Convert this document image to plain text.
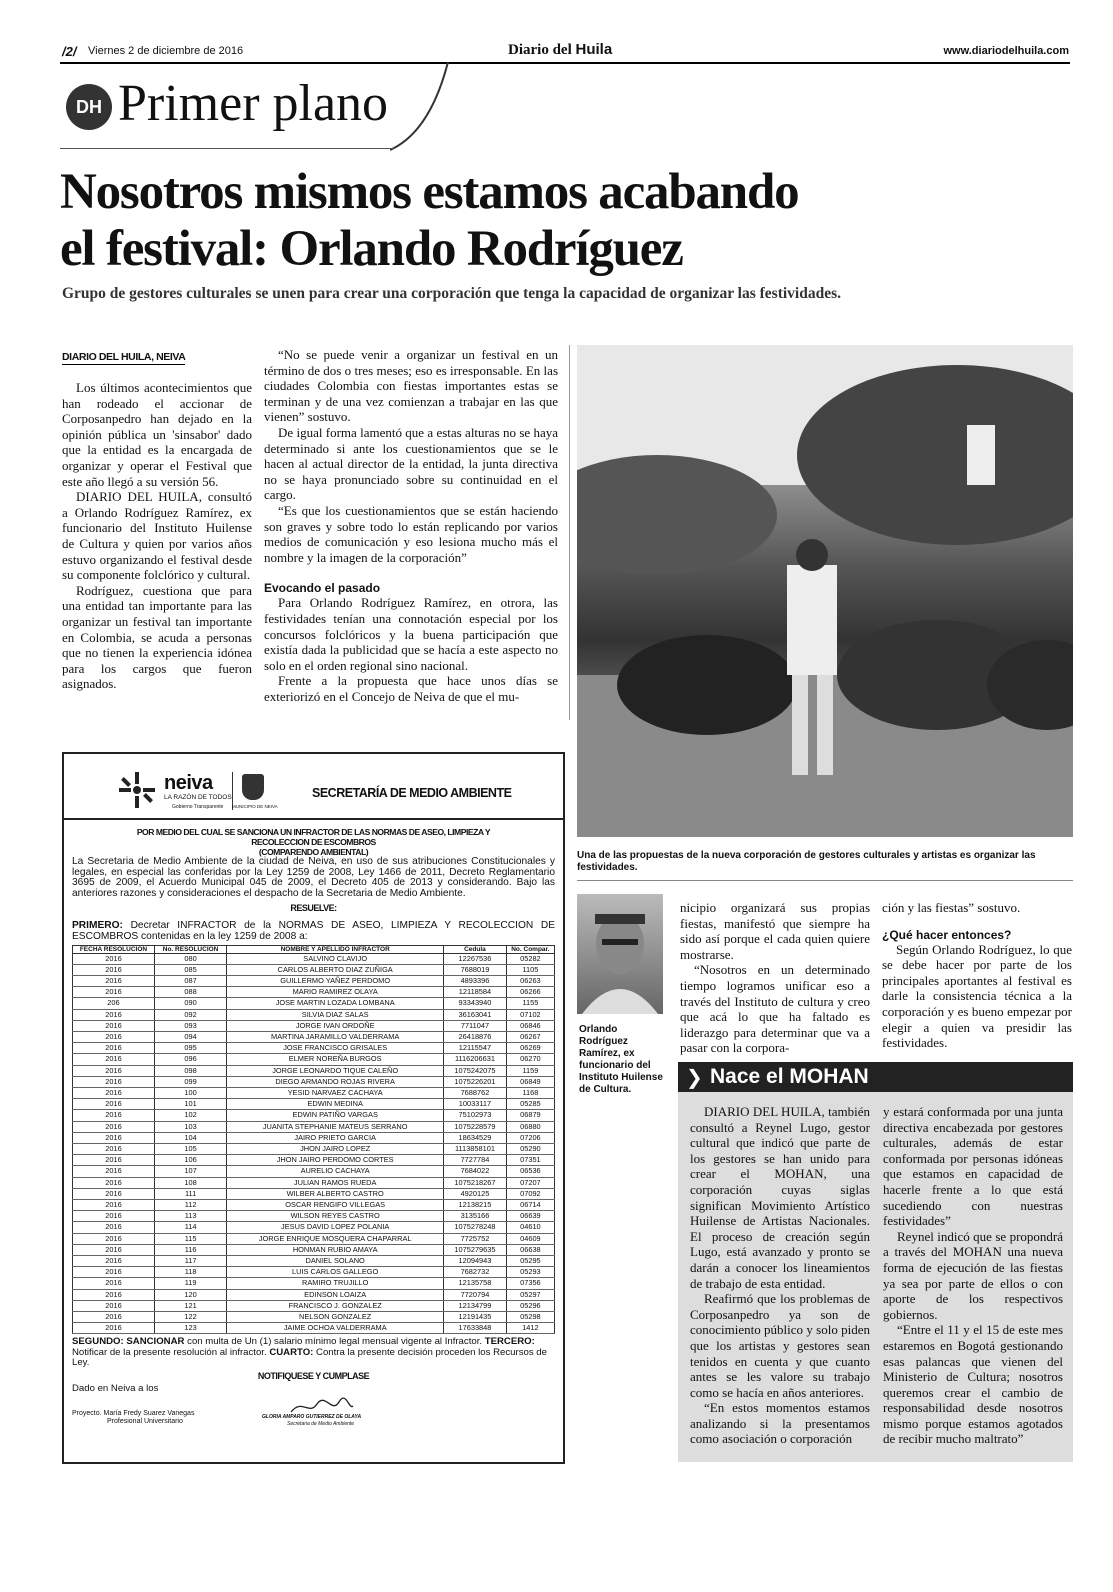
/2/ Viernes 2 de diciembre de 2016	Diario del Huila	www.diariodelhuila.com
DH Primer plano
Nosotros mismos estamos acabando
el festival: Orlando Rodríguez
Grupo de gestores culturales se unen para crear una corporación que tenga la capacidad de organizar las festividades.
DIARIO DEL HUILA, NEIVA

Los últimos acontecimientos que han rodeado el accionar de Corposanpedro han dejado en la opinión pública un 'sinsabor' dado que la entidad es la encargada de organizar y operar el Festival que este año llegó a su versión 56.

DIARIO DEL HUILA, consultó a Orlando Rodríguez Ramírez, ex funcionario del Instituto Huilense de Cultura y quien por varios años estuvo organizando el festival desde su componente folclórico y cultural.

Rodríguez, cuestiona que para una entidad tan importante para las organizar un festival tan importante en Colombia, se acuda a personas que no tienen la experiencia idónea para los cargos que fueron asignados.

“No se puede venir a organizar un festival en un término de dos o tres meses; eso es irresponsable. En las ciudades Colombia con fiestas importantes estas se terminan y de una vez comienzan a trabajar en las que vienen” sostuvo.

De igual forma lamentó que a estas alturas no se haya determinado si ante los cuestionamientos que se le hacen al actual director de la entidad, la junta directiva no se haya pronunciado sobre su continuidad en el cargo.

“Es que los cuestionamientos que se están haciendo son graves y sobre todo lo están replicando por varios medios de comunicación y eso lesiona mucho más el nombre y la imagen de la corporación”

Evocando el pasado

Para Orlando Rodríguez Ramírez, en otrora, las festividades tenían una connotación especial por los concursos folclóricos y la buena participación que existía dada la publicidad que se hacía a este aspecto no solo en el orden regional sino nacional.

Frente a la propuesta que hace unos días se exteriorizó en el Concejo de Neiva de que el mu-

Una de las propuestas de la nueva corporación de gestores culturales y artistas es organizar las festividades.
Orlando Rodríguez Ramírez, ex funcionario del Instituto Huilense de Cultura.

nicipio organizará sus propias fiestas, manifestó que siempre ha sido así porque el cada quien quiere mostrarse.

“Nosotros en un determinado tiempo logramos unificar eso a través del Instituto de cultura y creo que acá lo que ha faltado es liderazgo para determinar que va a pasar con la corpora-

ción y las fiestas” sostuvo.

¿Qué hacer entonces?

Según Orlando Rodríguez, lo que se debe hacer por parte de los principales aportantes al festival es darle la consistencia técnica a la corporación y es bueno empezar por elegir a quien va presidir las festividades.

❯ Nace el MOHAN

DIARIO DEL HUILA, también consultó a Reynel Lugo, gestor cultural que indicó que parte de los gestores se han unido para crear el MOHAN, una corporación cuyas siglas significan Movimiento Artístico Huilense de Artistas Nacionales. El proceso de creación según Lugo, está avanzado y pronto se darán a conocer los lineamientos de trabajo de esta entidad.

Reafirmó que los problemas de Corposanpedro ya son de conocimiento público y solo piden que los artistas y gestores sean tenidos en cuenta y que cuanto antes se les valore su trabajo como se hacía en años anteriores.

“En estos momentos estamos analizando si la presentamos como asociación o corporación

y estará conformada por una junta directiva encabezada por gestores culturales, además de estar conformada por personas idóneas que estamos en capacidad de hacerle frente a lo que está sucediendo con nuestras festividades”

Reynel indicó que se propondrá a través del MOHAN una nueva forma de ejecución de las fiestas ya sea por parte de ellos o con aporte de los respectivos gobiernos.

“Entre el 11 y el 15 de este mes estaremos en Bogotá gestionando esas palancas que vienen del Ministerio de Cultura; nosotros queremos crear el cambio de responsabilidad desde nosotros mismo porque estamos agotados de recibir mucho maltrato”

neiva
LA RAZÓN DE TODOS
Gobierno Transparente MUNICIPIO DE NEIVA
SECRETARÍA DE MEDIO AMBIENTE
POR MEDIO DEL CUAL SE SANCIONA UN INFRACTOR DE LAS NORMAS DE ASEO, LIMPIEZA Y RECOLECCION DE ESCOMBROS
(COMPARENDO AMBIENTAL)
La Secretaria de Medio Ambiente de la ciudad de Neiva, en uso de sus atribuciones Constitucionales y legales, en especial las conferidas por la Ley 1259 de 2008, Ley 1466 de 2011, Decreto Reglamentario 3695 de 2009, el Acuerdo Municipal 045 de 2009, el Decreto 405 de 2013 y considerando. Bajo las anteriores razones y consideraciones el despacho de la Secretaria de Medio Ambiente.
RESUELVE:
PRIMERO: Decretar INFRACTOR de la NORMAS DE ASEO, LIMPIEZA Y RECOLECCION DE ESCOMBROS contenidas en la ley 1259 de 2008 a:
FECHA RESOLUCION	No. RESOLUCION	NOMBRE Y APELLIDO INFRACTOR	Cedula	No. Compar.
2016	080	SALVINO CLAVIJO	12267536	05282
2016	085	CARLOS ALBERTO DIAZ ZUÑIGA	7688019	1105
2016	087	GUILLERMO YAÑEZ PERDOMO	4893396	06263
2016	088	MARIO RAMIREZ OLAYA	12118584	06266
206	090	JOSE MARTIN LOZADA LOMBANA	93343940	1155
2016	092	SILVIA DIAZ SALAS	36163041	07102
2016	093	JORGE IVAN ORDOÑE	7711047	06846
2016	094	MARTINA JARAMILLO VALDERRAMA	26418876	06267
2016	095	JOSE FRANCISCO GRISALES	12115547	06269
2016	096	ELMER NOREÑA BURGOS	1116206631	06270
2016	098	JORGE LEONARDO TIQUE CALEÑO	1075242075	1159
2016	099	DIEGO ARMANDO ROJAS RIVERA	1075226201	06849
2016	100	YESID NARVAEZ CACHAYA	7688762	1168
2016	101	EDWIN MEDINA	10033117	05285
2016	102	EDWIN PATIÑO VARGAS	75102973	06879
2016	103	JUANITA STEPHANIE MATEUS SERRANO	1075228579	06880
2016	104	JAIRO PRIETO GARCIA	18634529	07206
2016	105	JHON JAIRO LOPEZ	1113858101	05290
2016	106	JHON JAIRO PERDOMO CORTES	7727784	07351
2016	107	AURELIO CACHAYA	7684022	06536
2016	108	JULIAN RAMOS RUEDA	1075218267	07207
2016	111	WILBER ALBERTO CASTRO	4920125	07092
2016	112	OSCAR RENGIFO VILLEGAS	12138215	06714
2016	113	WILSON REYES CASTRO	3135166	06639
2016	114	JESUS DAVID LOPEZ POLANIA	1075278248	04610
2016	115	JORGE ENRIQUE MOSQUERA CHAPARRAL	7725752	04609
2016	116	HONMAN RUBIO AMAYA	1075279635	06638
2016	117	DANIEL SOLANO	12094943	05295
2016	118	LUIS CARLOS GALLEGO	7682732	05293
2016	119	RAMIRO TRUJILLO	12135758	07356
2016	120	EDINSON LOAIZA	7720794	05297
2016	121	FRANCISCO J. GONZALEZ	12134799	05296
2016	122	NELSON GONZALEZ	12191435	05298
2016	123	JAIME OCHOA VALDERRAMA	17633848	1412
SEGUNDO: SANCIONAR con multa de Un (1) salario mínimo legal mensual vigente al Infractor. TERCERO: Notificar de la presente resolución al infractor. CUARTO: Contra la presente decisión proceden los Recursos de Ley.
NOTIFIQUESE Y CUMPLASE
Dado en Neiva a los
Proyecto. María Fredy Suarez Vanegas
Profesional Universitario
GLORIA AMPARO GUTIERREZ DE OLAYA
Secretaria de Medio Ambiente
